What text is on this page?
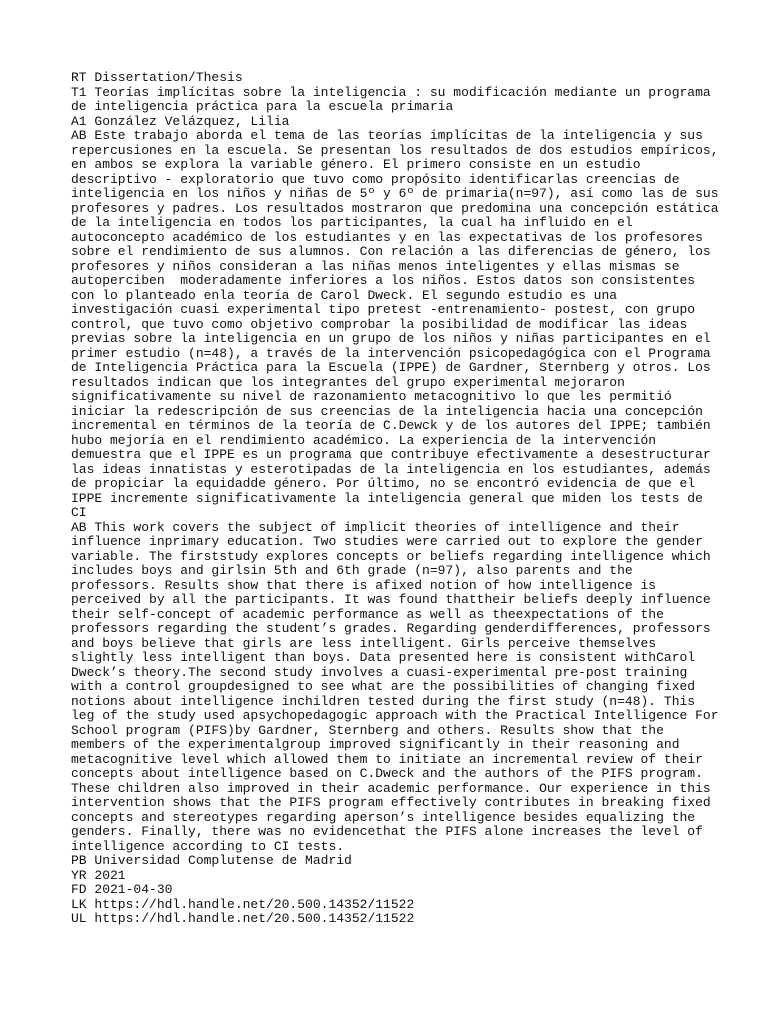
RT Dissertation/Thesis
T1 Teorías implícitas sobre la inteligencia : su modificación mediante un programa
de inteligencia práctica para la escuela primaria
A1 González Velázquez, Lilia
AB Este trabajo aborda el tema de las teorías implícitas de la inteligencia y sus
repercusiones en la escuela. Se presentan los resultados de dos estudios empíricos,
en ambos se explora la variable género. El primero consiste en un estudio
descriptivo - exploratorio que tuvo como propósito identificarlas creencias de
inteligencia en los niños y niñas de 5º y 6º de primaria(n=97), así como las de sus
profesores y padres. Los resultados mostraron que predomina una concepción estática
de la inteligencia en todos los participantes, la cual ha influido en el
autoconcepto académico de los estudiantes y en las expectativas de los profesores
sobre el rendimiento de sus alumnos. Con relación a las diferencias de género, los
profesores y niños consideran a las niñas menos inteligentes y ellas mismas se
autoperciben  moderadamente inferiores a los niños. Estos datos son consistentes
con lo planteado enla teoría de Carol Dweck. El segundo estudio es una
investigación cuasi experimental tipo pretest -entrenamiento- postest, con grupo
control, que tuvo como objetivo comprobar la posibilidad de modificar las ideas
previas sobre la inteligencia en un grupo de los niños y niñas participantes en el
primer estudio (n=48), a través de la intervención psicopedagógica con el Programa
de Inteligencia Práctica para la Escuela (IPPE) de Gardner, Sternberg y otros. Los
resultados indican que los integrantes del grupo experimental mejoraron
significativamente su nivel de razonamiento metacognitivo lo que les permitió
iniciar la redescripción de sus creencias de la inteligencia hacia una concepción
incremental en términos de la teoría de C.Dewck y de los autores del IPPE; también
hubo mejoría en el rendimiento académico. La experiencia de la intervención
demuestra que el IPPE es un programa que contribuye efectivamente a desestructurar
las ideas innatistas y esterotipadas de la inteligencia en los estudiantes, además
de propiciar la equidadde género. Por último, no se encontró evidencia de que el
IPPE incremente significativamente la inteligencia general que miden los tests de
CI
AB This work covers the subject of implicit theories of intelligence and their
influence inprimary education. Two studies were carried out to explore the gender
variable. The firststudy explores concepts or beliefs regarding intelligence which
includes boys and girlsin 5th and 6th grade (n=97), also parents and the
professors. Results show that there is afixed notion of how intelligence is
perceived by all the participants. It was found thattheir beliefs deeply influence
their self-concept of academic performance as well as theexpectations of the
professors regarding the student’s grades. Regarding genderdifferences, professors
and boys believe that girls are less intelligent. Girls perceive themselves
slightly less intelligent than boys. Data presented here is consistent withCarol
Dweck’s theory.The second study involves a cuasi-experimental pre-post training
with a control groupdesigned to see what are the possibilities of changing fixed
notions about intelligence inchildren tested during the first study (n=48). This
leg of the study used apsychopedagogic approach with the Practical Intelligence For
School program (PIFS)by Gardner, Sternberg and others. Results show that the
members of the experimentalgroup improved significantly in their reasoning and
metacognitive level which allowed them to initiate an incremental review of their
concepts about intelligence based on C.Dweck and the authors of the PIFS program.
These children also improved in their academic performance. Our experience in this
intervention shows that the PIFS program effectively contributes in breaking fixed
concepts and stereotypes regarding aperson’s intelligence besides equalizing the
genders. Finally, there was no evidencethat the PIFS alone increases the level of
intelligence according to CI tests.
PB Universidad Complutense de Madrid
YR 2021
FD 2021-04-30
LK https://hdl.handle.net/20.500.14352/11522
UL https://hdl.handle.net/20.500.14352/11522
